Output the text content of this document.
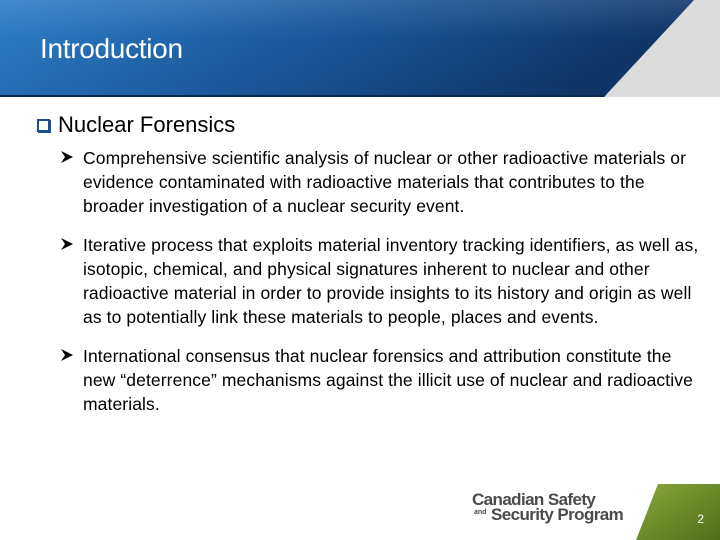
Introduction
Nuclear Forensics
Comprehensive scientific analysis of nuclear or other radioactive materials or evidence contaminated with radioactive materials that contributes to the broader investigation of a nuclear security event.
Iterative process that exploits material inventory tracking identifiers, as well as, isotopic, chemical, and physical signatures inherent to nuclear and other radioactive material in order to provide insights to its history and origin as well as to potentially link these materials to people, places and events.
International consensus that nuclear forensics and attribution constitute the new “deterrence” mechanisms against the illicit use of nuclear and radioactive materials.
Canadian Safety
and Security Program	2
